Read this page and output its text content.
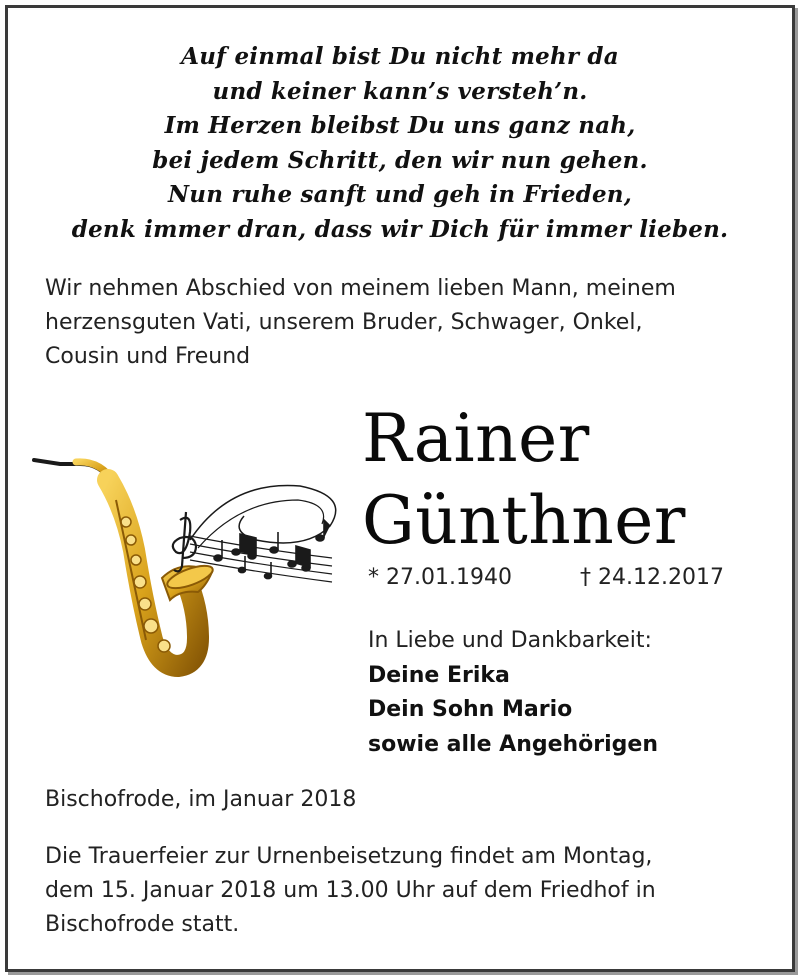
Auf einmal bist Du nicht mehr da
und keiner kann’s versteh’n.
Im Herzen bleibst Du uns ganz nah,
bei jedem Schritt, den wir nun gehen.
Nun ruhe sanft und geh in Frieden,
denk immer dran, dass wir Dich für immer lieben.
Wir nehmen Abschied von meinem lieben Mann, meinem
herzensguten Vati, unserem Bruder, Schwager, Onkel,
Cousin und Freund
Rainer
Günthner
* 27.01.1940	† 24.12.2017
In Liebe und Dankbarkeit:
Deine Erika
Dein Sohn Mario
sowie alle Angehörigen
Bischofrode, im Januar 2018
Die Trauerfeier zur Urnenbeisetzung findet am Montag,
dem 15. Januar 2018 um 13.00 Uhr auf dem Friedhof in
Bischofrode statt.
